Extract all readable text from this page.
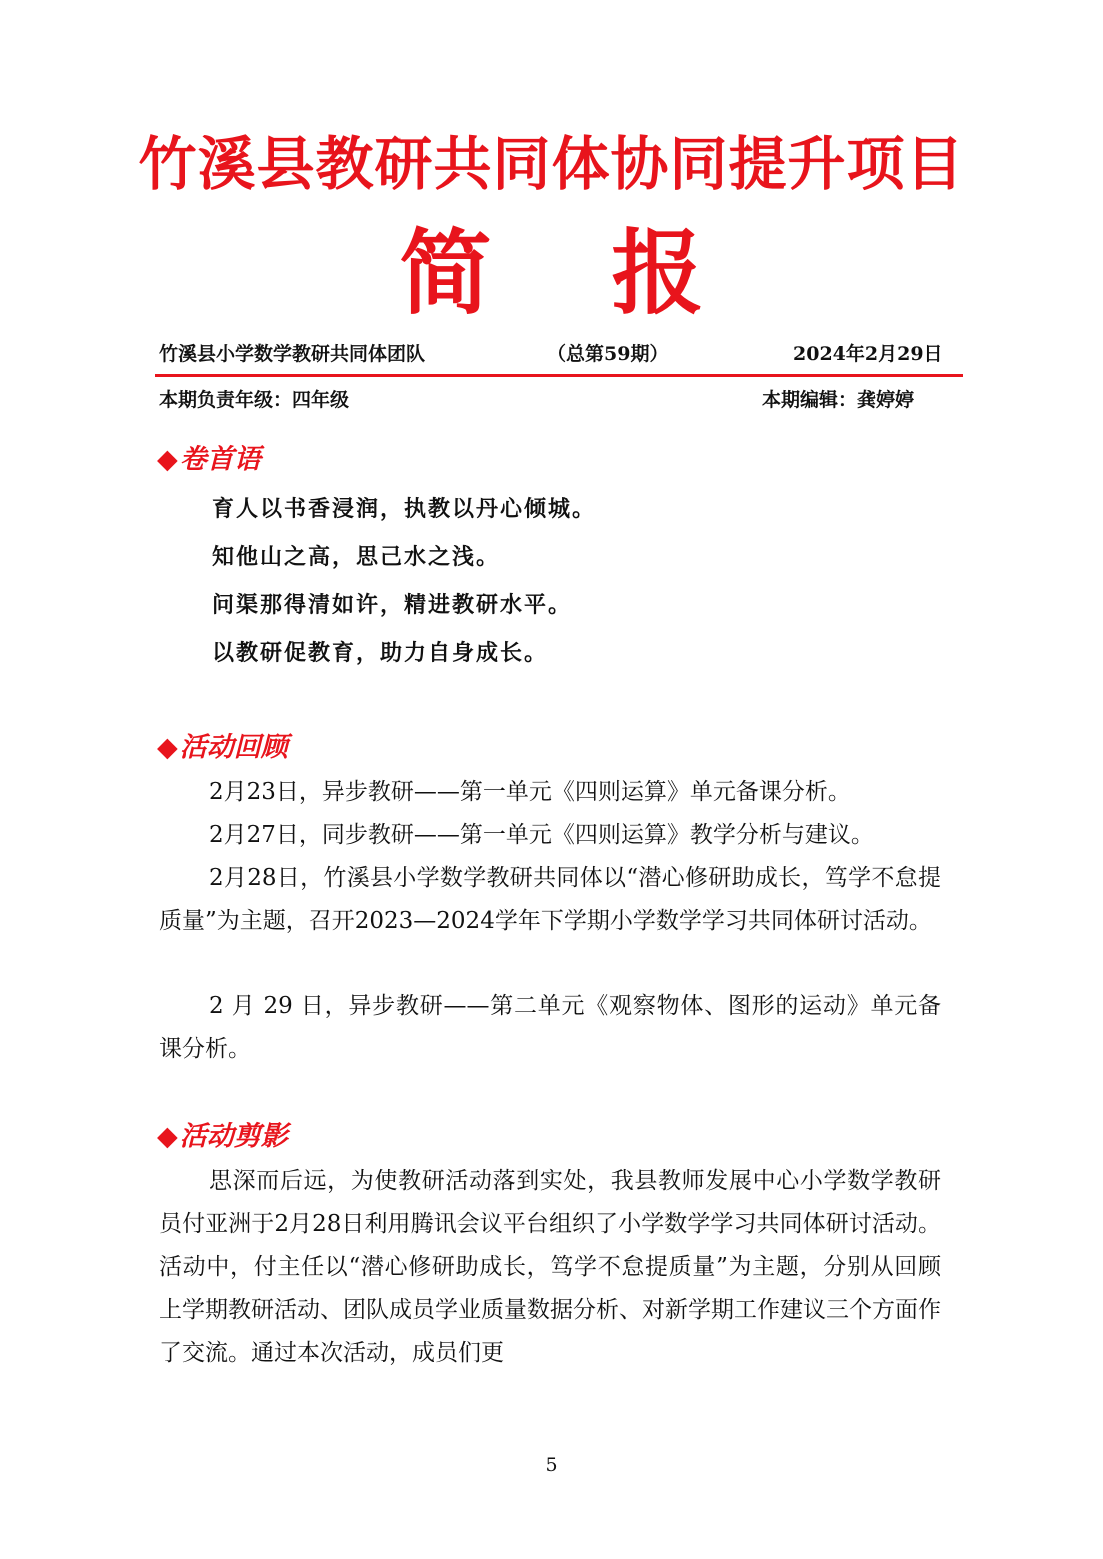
竹溪县教研共同体协同提升项目
简 报
竹溪县小学数学教研共同体团队	（总第59期）	2024年2月29日
本期负责年级：四年级	本期编辑：龚婷婷
◆卷首语
育人以书香浸润，执教以丹心倾城。
知他山之高，思己水之浅。
问渠那得清如许，精进教研水平。
以教研促教育，助力自身成长。
◆活动回顾
2月23日，异步教研——第一单元《四则运算》单元备课分析。
2月27日，同步教研——第一单元《四则运算》教学分析与建议。
2月28日，竹溪县小学数学教研共同体以“潜心修研助成长，笃学不怠提质量”为主题，召开2023—2024学年下学期小学数学学习共同体研讨活动。
2 月 29 日，异步教研——第二单元《观察物体、图形的运动》单元备课分析。
◆活动剪影
思深而后远，为使教研活动落到实处，我县教师发展中心小学数学教研员付亚洲于2月28日利用腾讯会议平台组织了小学数学学习共同体研讨活动。活动中，付主任以“潜心修研助成长，笃学不怠提质量”为主题，分别从回顾上学期教研活动、团队成员学业质量数据分析、对新学期工作建议三个方面作了交流。通过本次活动，成员们更
5
